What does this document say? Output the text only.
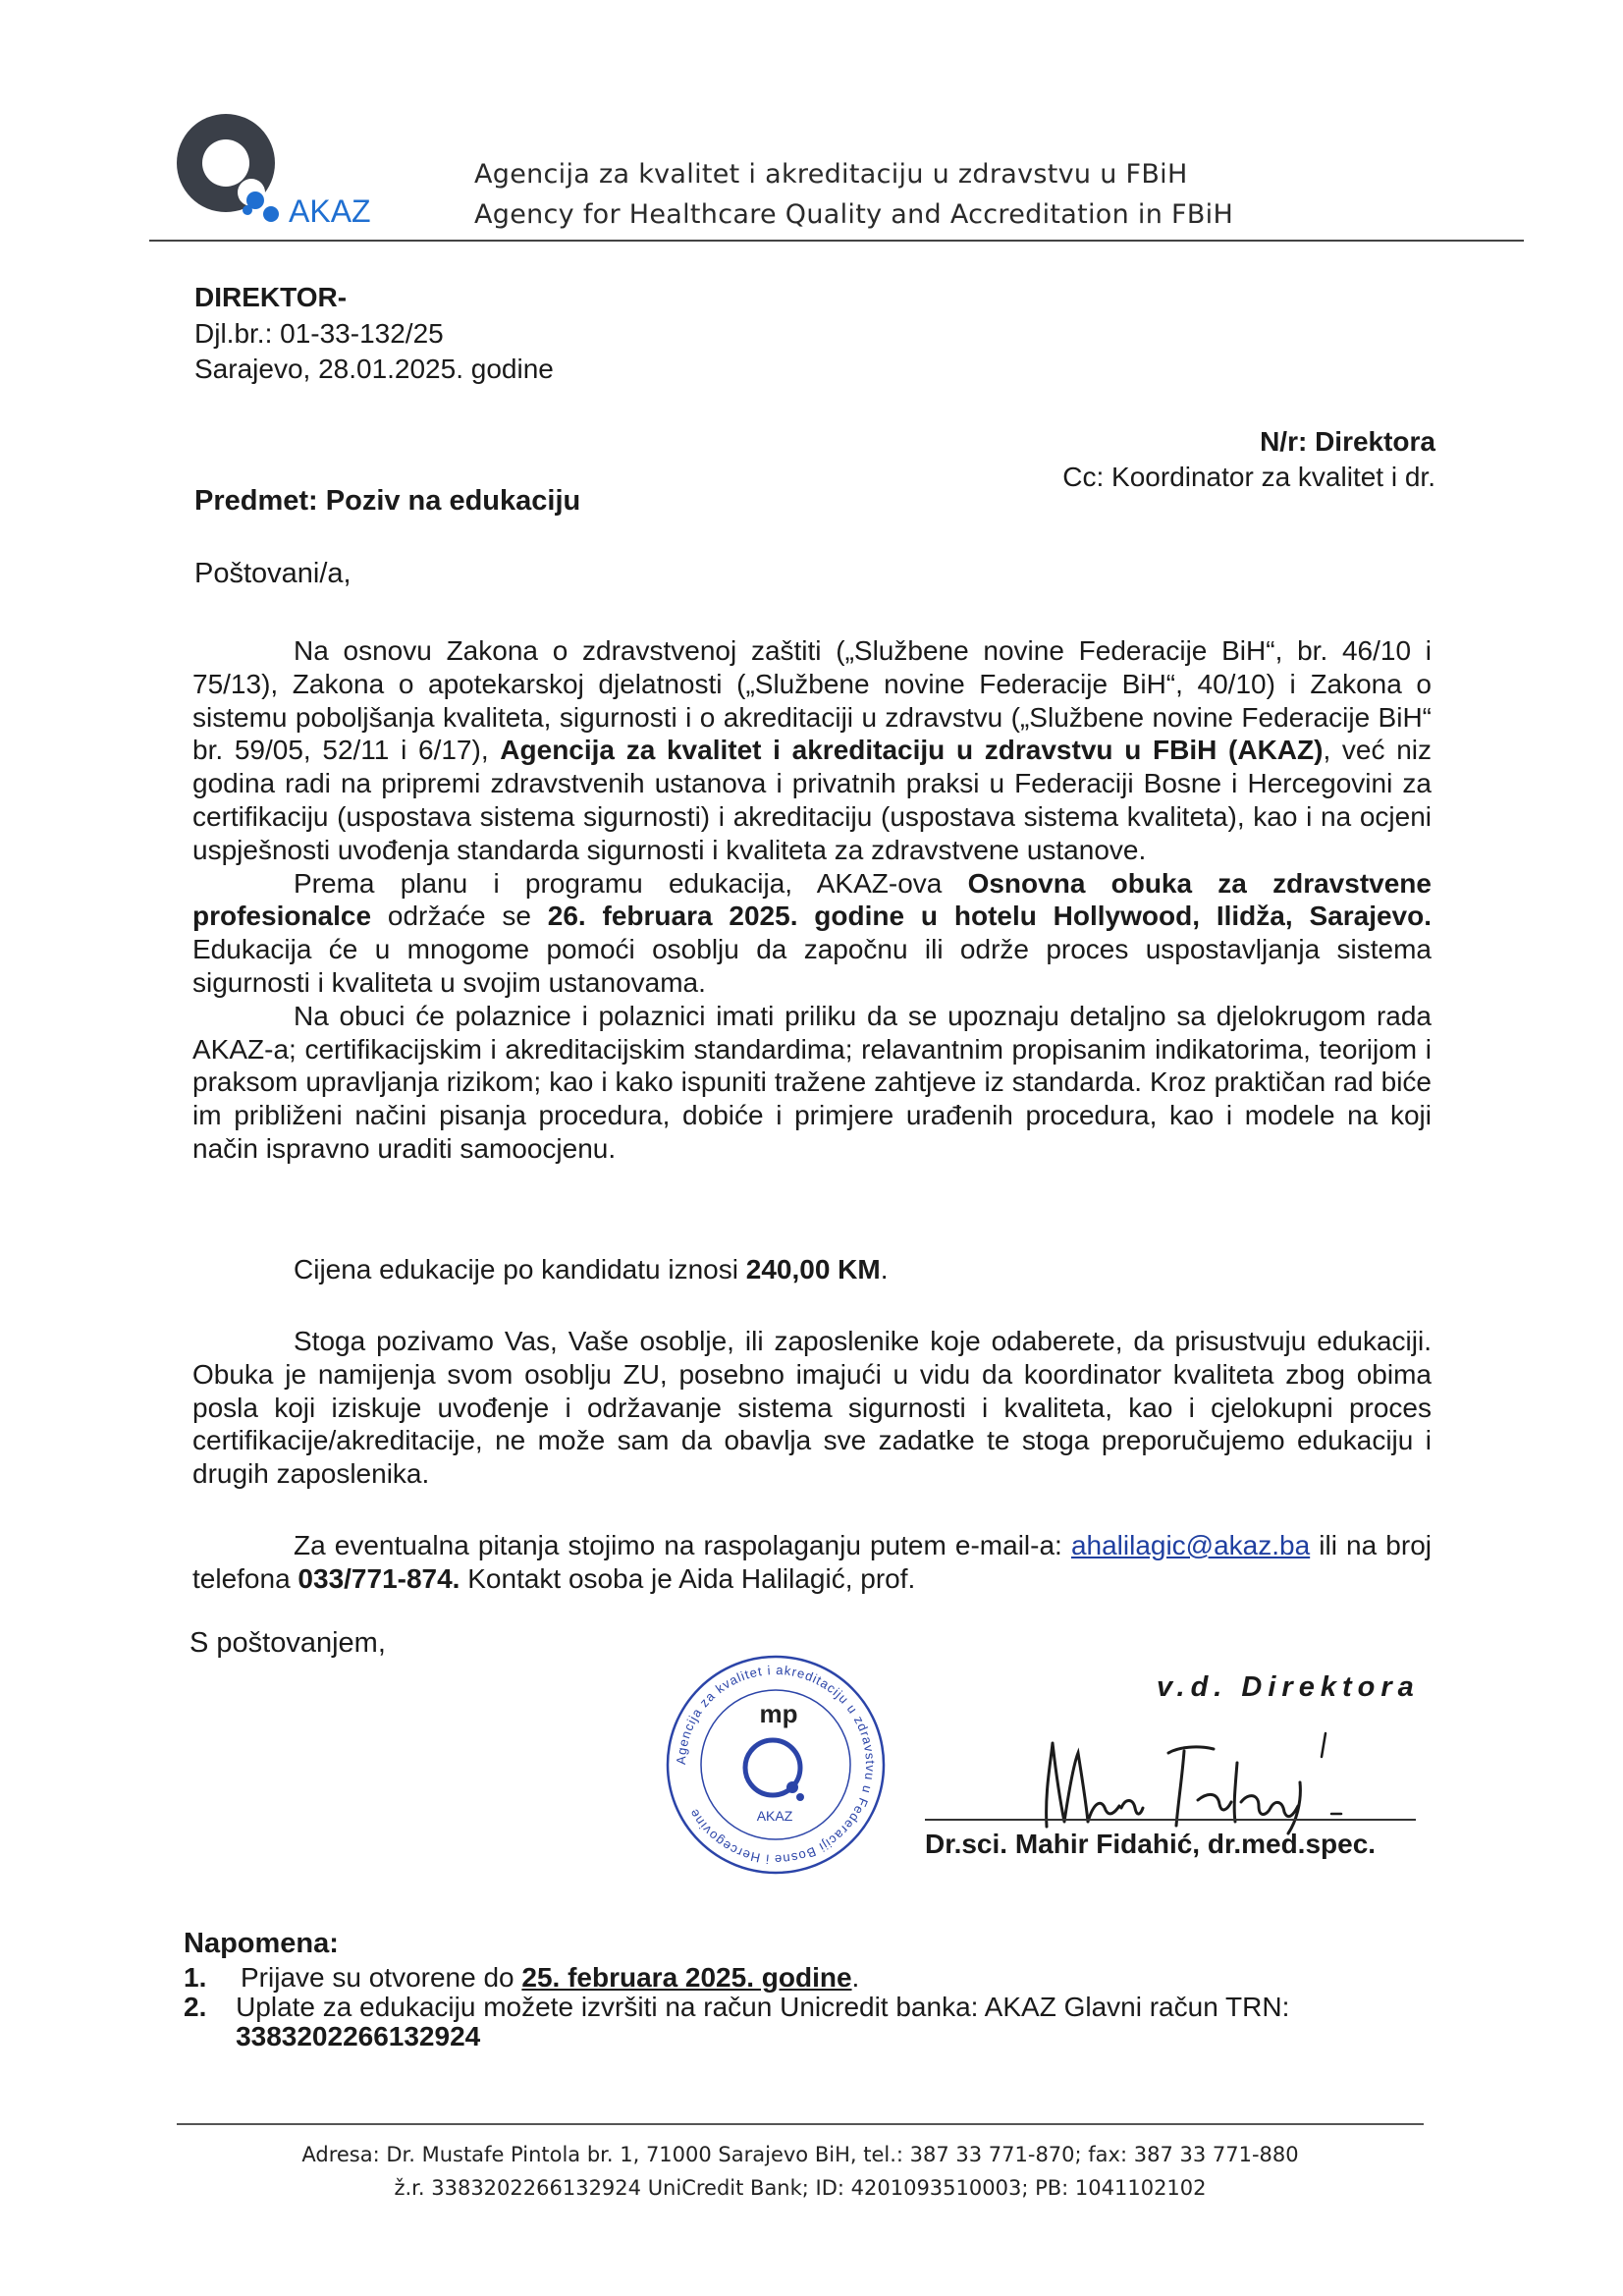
AKAZ
Agencija za kvalitet i akreditaciju u zdravstvu u FBiH
Agency for Healthcare Quality and Accreditation in FBiH
DIREKTOR-
Djl.br.: 01-33-132/25
Sarajevo, 28.01.2025. godine
N/r: Direktora
Cc: Koordinator za kvalitet i dr.
Predmet: Poziv na edukaciju
Poštovani/a,

Na osnovu Zakona o zdravstvenoj zaštiti („Službene novine Federacije BiH“, br. 46/10 i 75/13), Zakona o apotekarskoj djelatnosti („Službene novine Federacije BiH“, 40/10) i Zakona o sistemu poboljšanja kvaliteta, sigurnosti i o akreditaciji u zdravstvu („Službene novine Federacije BiH“ br. 59/05, 52/11 i 6/17), Agencija za kvalitet i akreditaciju u zdravstvu u FBiH (AKAZ), već niz godina radi na pripremi zdravstvenih ustanova i privatnih praksi u Federaciji Bosne i Hercegovini za certifikaciju (uspostava sistema sigurnosti) i akreditaciju (uspostava sistema kvaliteta), kao i na ocjeni uspješnosti uvođenja standarda sigurnosti i kvaliteta za zdravstvene ustanove.

Prema planu i programu edukacija, AKAZ-ova Osnovna obuka za zdravstvene profesionalce održaće se 26. februara 2025. godine u hotelu Hollywood, Ilidža, Sarajevo. Edukacija će u mnogome pomoći osoblju da započnu ili održe proces uspostavljanja sistema sigurnosti i kvaliteta u svojim ustanovama.

Na obuci će polaznice i polaznici imati priliku da se upoznaju detaljno sa djelokrugom rada AKAZ-a; certifikacijskim i akreditacijskim standardima; relavantnim propisanim indikatorima, teorijom i praksom upravljanja rizikom; kao i kako ispuniti tražene zahtjeve iz standarda. Kroz praktičan rad biće im približeni načini pisanja procedura, dobiće i primjere urađenih procedura, kao i modele na koji način ispravno uraditi samoocjenu.

Cijena edukacije po kandidatu iznosi 240,00 KM.

Stoga pozivamo Vas, Vaše osoblje, ili zaposlenike koje odaberete, da prisustvuju edukaciji. Obuka je namijenja svom osoblju ZU, posebno imajući u vidu da koordinator kvaliteta zbog obima posla koji iziskuje uvođenje i održavanje sistema sigurnosti i kvaliteta, kao i cjelokupni proces certifikacije/akreditacije, ne može sam da obavlja sve zadatke te stoga preporučujemo edukaciju i drugih zaposlenika.

Za eventualna pitanja stojimo na raspolaganju putem e-mail-a: ahalilagic@akaz.ba ili na broj telefona 033/771-874. Kontakt osoba je Aida Halilagić, prof.

S poštovanjem,
v.d. Direktora
Agencija za kvalitet i akreditaciju u zdravstvu u Federaciji Bosne i Hercegovine
mp
AKAZ
Dr.sci. Mahir Fidahić, dr.med.spec.
Napomena:
1.	Prijave su otvorene do 25. februara 2025. godine.
2.	Uplate za edukaciju možete izvršiti na račun Unicredit banka: AKAZ Glavni račun TRN: 338320226613292​4
Adresa: Dr. Mustafe Pintola br. 1, 71000 Sarajevo BiH, tel.: 387 33 771-870; fax: 387 33 771-880
ž.r. 3383202266132924 UniCredit Bank; ID: 4201093510003; PB: 1041102102
